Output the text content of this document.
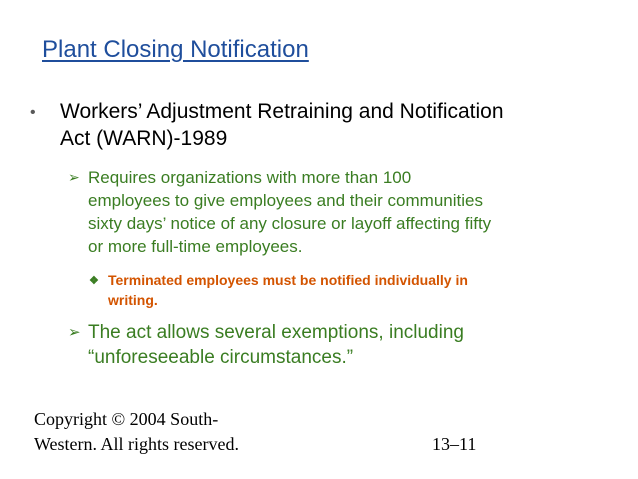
Plant Closing Notification
•	Workers’ Adjustment Retraining and Notification
Act (WARN)-1989
➢ Requires organizations with more than 100
employees to give employees and their communities
sixty days’ notice of any closure or layoff affecting fifty
or more full-time employees.
❖ Terminated employees must be notified individually in
writing.
➢ The act allows several exemptions, including
“unforeseeable circumstances.”
Copyright © 2004 South-
Western. All rights reserved.	13–11
